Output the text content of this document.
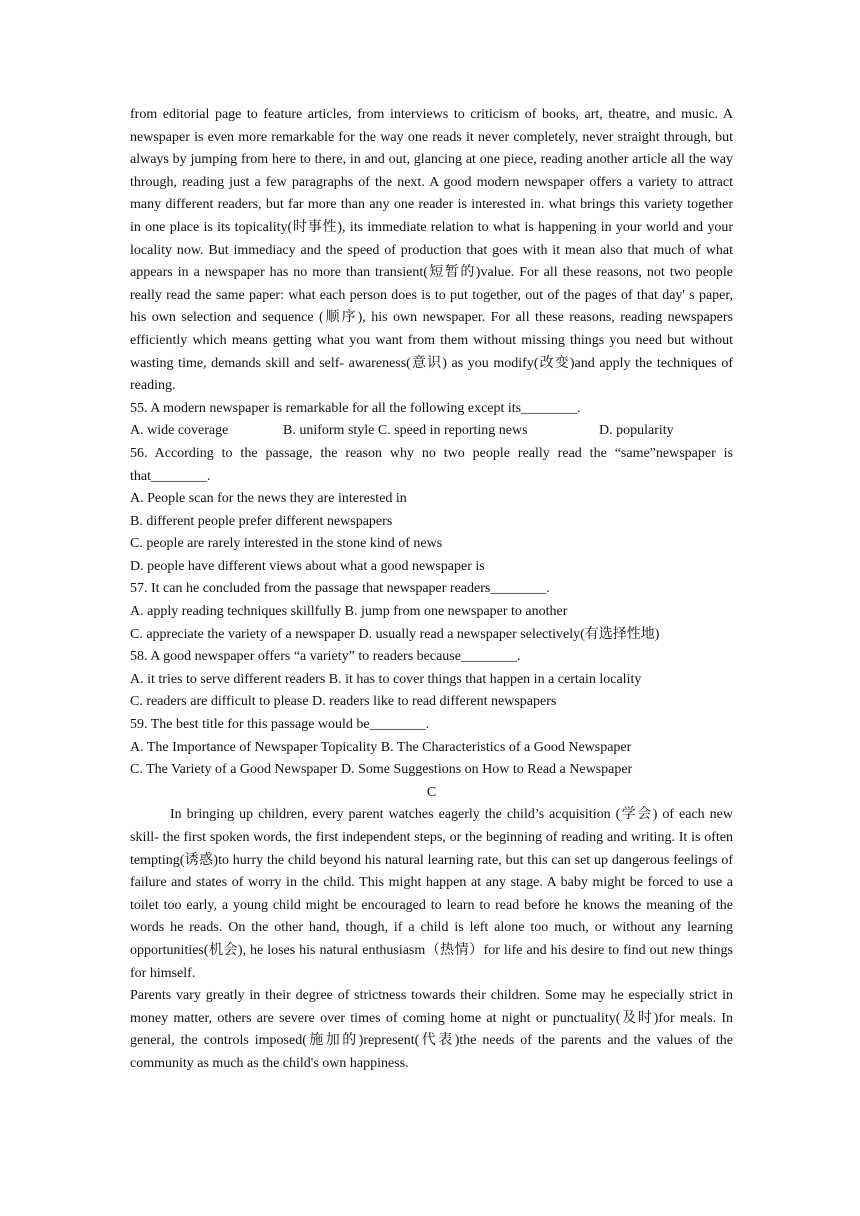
from editorial page to feature articles, from interviews to criticism of books, art, theatre, and music. A newspaper is even more remarkable for the way one reads it never completely, never straight through, but always by jumping from here to there, in and out, glancing at one piece, reading another article all the way through, reading just a few paragraphs of the next. A good modern newspaper offers a variety to attract many different readers, but far more than any one reader is interested in. what brings this variety together in one place is its topicality(时事性), its immediate relation to what is happening in your world and your locality now. But immediacy and the speed of production that goes with it mean also that much of what appears in a newspaper has no more than transient(短暂的)value. For all these reasons, not two people really read the same paper: what each person does is to put together, out of the pages of that day' s paper, his own selection and sequence (顺序), his own newspaper. For all these reasons, reading newspapers efficiently which means getting what you want from them without missing things you need but without wasting time, demands skill and self- awareness(意识) as you modify(改变)and apply the techniques of reading.

55. A modern newspaper is remarkable for all the following except its________.

A. wide coverage	B. uniform style C. speed in reporting news	D. popularity

56. According to the passage, the reason why no two people really read the “same”newspaper is that________.

A. People scan for the news they are interested in

B. different people prefer different newspapers

C. people are rarely interested in the stone kind of news

D. people have different views about what a good newspaper is

57. It can he concluded from the passage that newspaper readers________.

A. apply reading techniques skillfully B. jump from one newspaper to another

C. appreciate the variety of a newspaper D. usually read a newspaper selectively(有选择性地)

58. A good newspaper offers “a variety” to readers because________.

A. it tries to serve different readers B. it has to cover things that happen in a certain locality

C. readers are difficult to please D. readers like to read different newspapers

59. The best title for this passage would be________.

A. The Importance of Newspaper Topicality B. The Characteristics of a Good Newspaper

C. The Variety of a Good Newspaper D. Some Suggestions on How to Read a Newspaper

C

In bringing up children, every parent watches eagerly the child’s acquisition (学会) of each new skill- the first spoken words, the first independent steps, or the beginning of reading and writing. It is often tempting(诱惑)to hurry the child beyond his natural learning rate, but this can set up dangerous feelings of failure and states of worry in the child. This might happen at any stage. A baby might be forced to use a toilet too early, a young child might be encouraged to learn to read before he knows the meaning of the words he reads. On the other hand, though, if a child is left alone too much, or without any learning opportunities(机会), he loses his natural enthusiasm（热情）for life and his desire to find out new things for himself.

Parents vary greatly in their degree of strictness towards their children. Some may he especially strict in money matter, others are severe over times of coming home at night or punctuality(及时)for meals. In general, the controls imposed(施加的)represent(代表)the needs of the parents and the values of the community as much as the child's own happiness.
